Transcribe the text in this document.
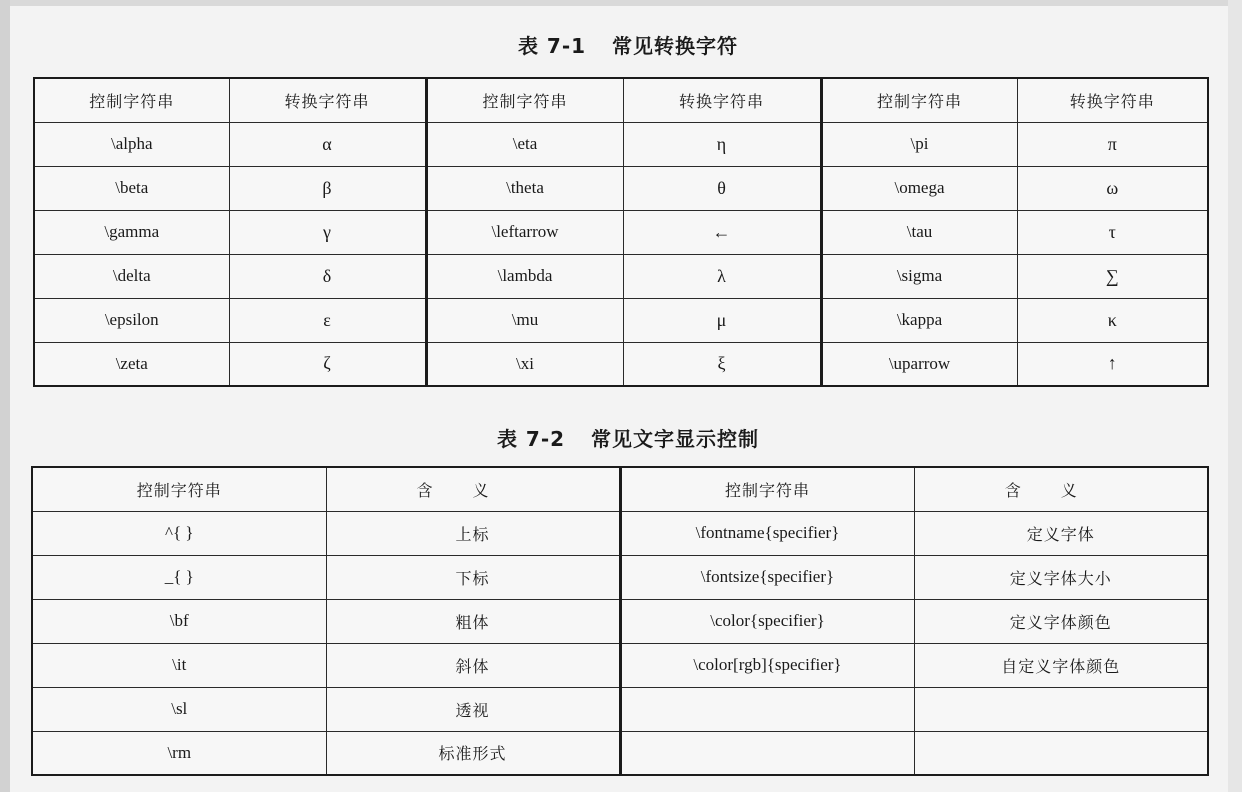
表 7-1 常见转换字符
控制字符串	转换字符串	控制字符串	转换字符串	控制字符串	转换字符串
\alpha	α	\eta	η	\pi	π
\beta	β	\theta	θ	\omega	ω
\gamma	γ	\leftarrow	←	\tau	τ
\delta	δ	\lambda	λ	\sigma	∑
\epsilon	ε	\mu	μ	\kappa	κ
\zeta	ζ	\xi	ξ	\uparrow	↑
表 7-2 常见文字显示控制
控制字符串	含义	控制字符串	含义
^{ }	上标	\fontname{specifier}	定义字体
_{ }	下标	\fontsize{specifier}	定义字体大小
\bf	粗体	\color{specifier}	定义字体颜色
\it	斜体	\color[rgb]{specifier}	自定义字体颜色
\sl	透视		
\rm	标准形式		
